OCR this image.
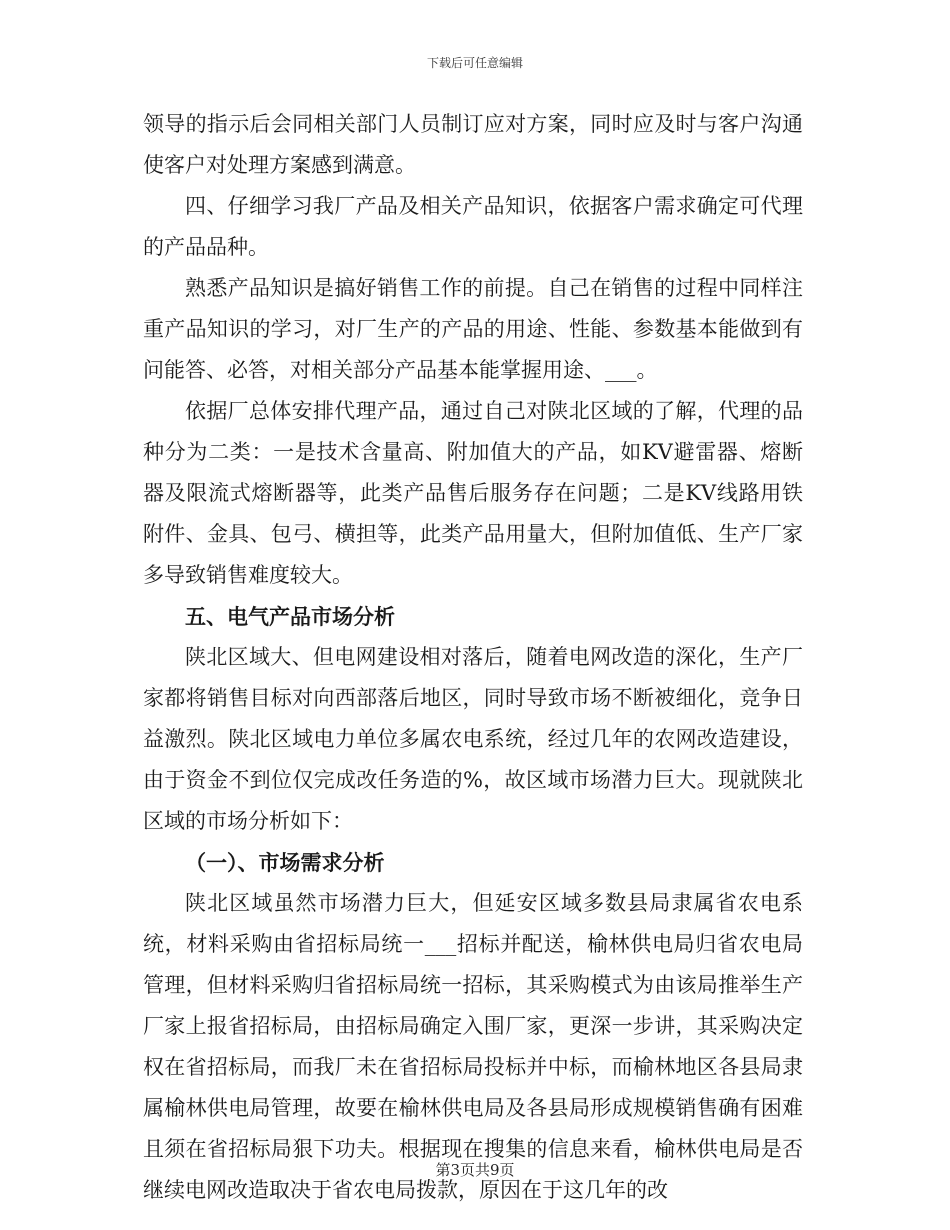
下载后可任意编辑

领导的指示后会同相关部门人员制订应对方案，同时应及时与客户沟通使客户对处理方案感到满意。

四、仔细学习我厂产品及相关产品知识，依据客户需求确定可代理的产品品种。

熟悉产品知识是搞好销售工作的前提。自己在销售的过程中同样注重产品知识的学习，对厂生产的产品的用途、性能、参数基本能做到有问能答、必答，对相关部分产品基本能掌握用途、___。

依据厂总体安排代理产品，通过自己对陕北区域的了解，代理的品种分为二类：一是技术含量高、附加值大的产品，如KV避雷器、熔断器及限流式熔断器等，此类产品售后服务存在问题；二是KV线路用铁附件、金具、包弓、横担等，此类产品用量大，但附加值低、生产厂家多导致销售难度较大。

五、电气产品市场分析

陕北区域大、但电网建设相对落后，随着电网改造的深化，生产厂家都将销售目标对向西部落后地区，同时导致市场不断被细化，竞争日益激烈。陕北区域电力单位多属农电系统，经过几年的农网改造建设，由于资金不到位仅完成改任务造的%，故区域市场潜力巨大。现就陕北区域的市场分析如下：

（一）、市场需求分析

陕北区域虽然市场潜力巨大，但延安区域多数县局隶属省农电系统，材料采购由省招标局统一___招标并配送，榆林供电局归省农电局管理，但材料采购归省招标局统一招标，其采购模式为由该局推举生产厂家上报省招标局，由招标局确定入围厂家，更深一步讲，其采购决定权在省招标局，而我厂未在省招标局投标并中标，而榆林地区各县局隶属榆林供电局管理，故要在榆林供电局及各县局形成规模销售确有困难且须在省招标局狠下功夫。根据现在搜集的信息来看，榆林供电局是否继续电网改造取决于省农电局拨款，原因在于这几年的改

第3页共9页
